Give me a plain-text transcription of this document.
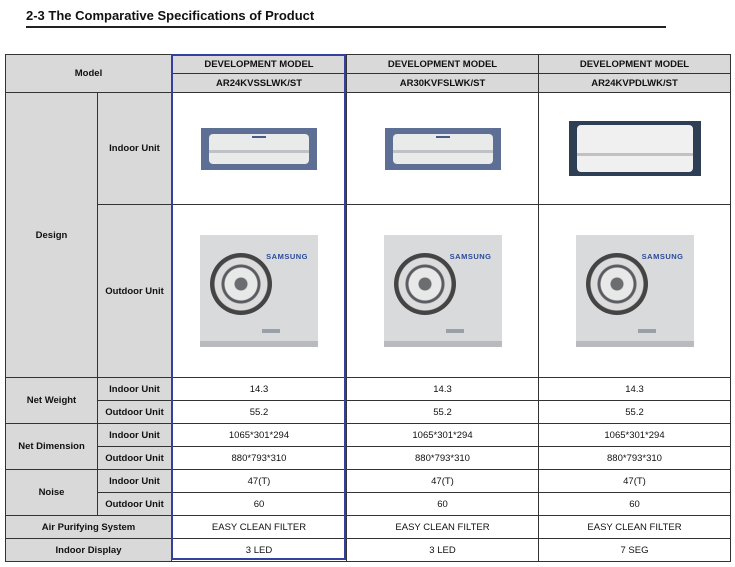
2-3 The Comparative Specifications of Product
Model		DEVELOPMENT MODEL	DEVELOPMENT MODEL	DEVELOPMENT MODEL
		AR24KVSSLWK/ST	AR30KVFSLWK/ST	AR24KVPDLWK/ST
Design	Indoor Unit	

	Outdoor Unit	SAMSUNG	SAMSUNG	SAMSUNG

Net Weight	Indoor Unit	14.3	14.3	14.3
	Outdoor Unit	55.2	55.2	55.2
Net Dimension	Indoor Unit	1065*301*294	1065*301*294	1065*301*294
	Outdoor Unit	880*793*310	880*793*310	880*793*310
Noise	Indoor Unit	47(T)	47(T)	47(T)
	Outdoor Unit	60	60	60
Air Purifying System		EASY CLEAN FILTER	EASY CLEAN FILTER	EASY CLEAN FILTER
Indoor Display		3 LED	3 LED	7 SEG
